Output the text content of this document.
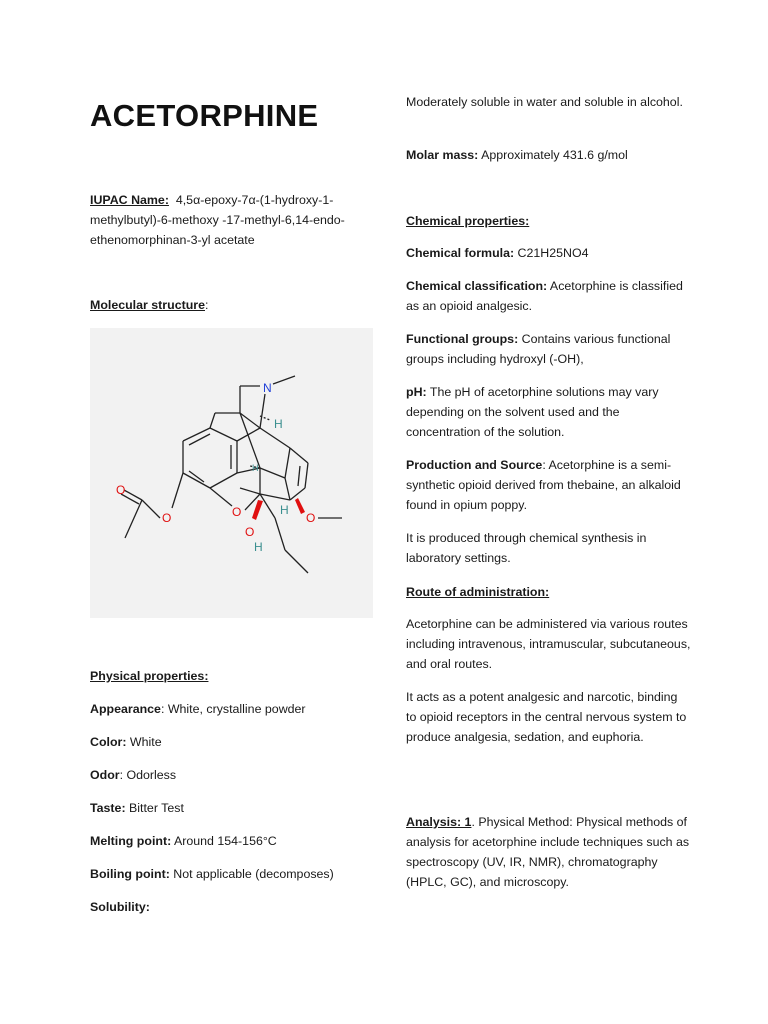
ACETORPHINE

IUPAC Name: 4,5α-epoxy-7α-(1-hydroxy-1-methylbutyl)-6-methoxy -17-methyl-6,14-endo-ethenomorphinan-3-yl acetate

Molecular structure:

N
H
H
H
H
O
O	O
O
O

Physical properties:

Appearance: White, crystalline powder

Color: White

Odor: Odorless

Taste: Bitter Test

Melting point: Around 154-156°C

Boiling point: Not applicable (decomposes)

Solubility:

Moderately soluble in water and soluble in alcohol.

Molar mass: Approximately 431.6 g/mol

Chemical properties:

Chemical formula: C21H25NO4

Chemical classification: Acetorphine is classified as an opioid analgesic.

Functional groups: Contains various functional groups including hydroxyl (-OH),

pH: The pH of acetorphine solutions may vary depending on the solvent used and the concentration of the solution.

Production and Source: Acetorphine is a semi-synthetic opioid derived from thebaine, an alkaloid found in opium poppy.

It is produced through chemical synthesis in laboratory settings.

Route of administration:

Acetorphine can be administered via various routes including intravenous, intramuscular, subcutaneous, and oral routes.

It acts as a potent analgesic and narcotic, binding to opioid receptors in the central nervous system to produce analgesia, sedation, and euphoria.

Analysis: 1. Physical Method: Physical methods of analysis for acetorphine include techniques such as spectroscopy (UV, IR, NMR), chromatography (HPLC, GC), and microscopy.
